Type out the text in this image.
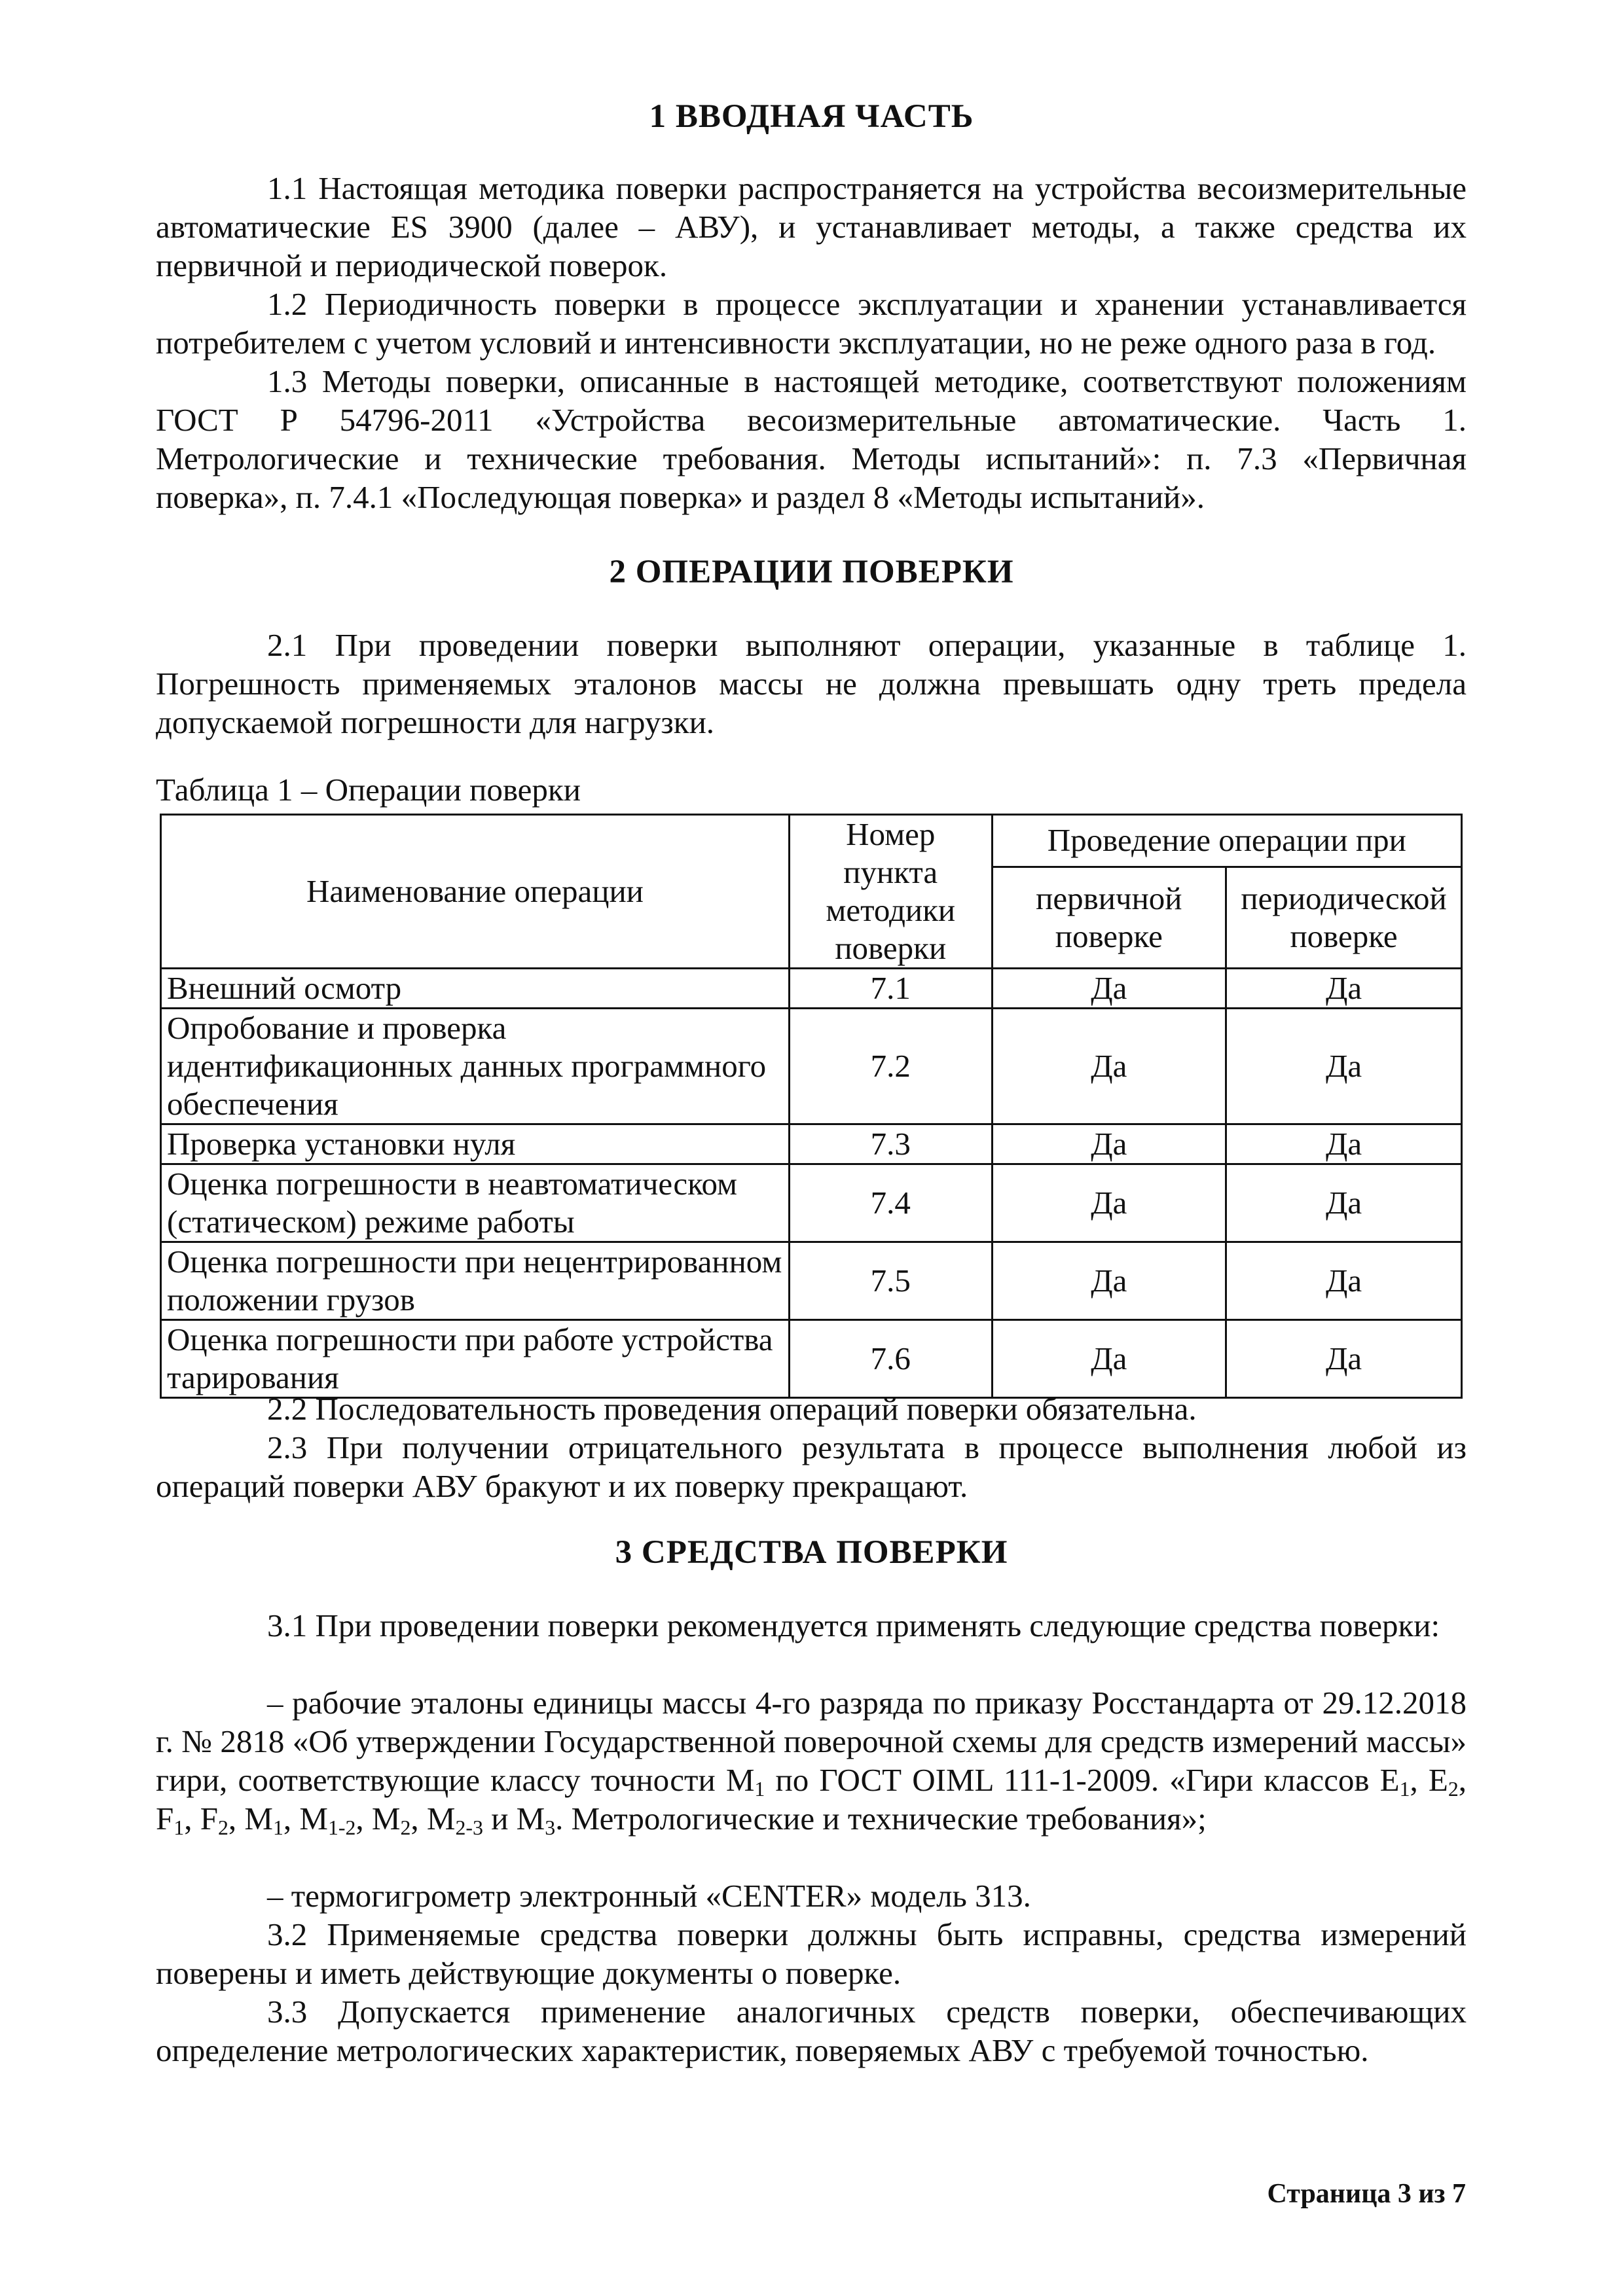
1 ВВОДНАЯ ЧАСТЬ
1.1 Настоящая методика поверки распространяется на устройства весоизмерительные автоматические ES 3900 (далее – АВУ), и устанавливает методы, а также средства их первичной и периодической поверок.
1.2 Периодичность поверки в процессе эксплуатации и хранении устанавливается потребителем с учетом условий и интенсивности эксплуатации, но не реже одного раза в год.
1.3 Методы поверки, описанные в настоящей методике, соответствуют положениям ГОСТ Р 54796-2011 «Устройства весоизмерительные автоматические. Часть 1. Метрологические и технические требования. Методы испытаний»: п. 7.3 «Первичная поверка», п. 7.4.1 «Последующая поверка» и раздел 8 «Методы испытаний».
2 ОПЕРАЦИИ ПОВЕРКИ
2.1 При проведении поверки выполняют операции, указанные в таблице 1. Погрешность применяемых эталонов массы не должна превышать одну треть предела допускаемой погрешности для нагрузки.
Таблица 1 – Операции поверки
Наименование операции	Номер пункта методики поверки	Проведение операции при	
		первичной поверке	периодической поверке
Внешний осмотр	7.1	Да	Да
Опробование и проверка идентификационных данных программного обеспечения	7.2	Да	Да
Проверка установки нуля	7.3	Да	Да
Оценка погрешности в неавтоматическом (статическом) режиме работы	7.4	Да	Да
Оценка погрешности при нецентрированном положении грузов	7.5	Да	Да
Оценка погрешности при работе устройства тарирования	7.6	Да	Да
2.2 Последовательность проведения операций поверки обязательна.
2.3 При получении отрицательного результата в процессе выполнения любой из операций поверки АВУ бракуют и их поверку прекращают.
3 СРЕДСТВА ПОВЕРКИ
3.1 При проведении поверки рекомендуется применять следующие средства поверки:
– рабочие эталоны единицы массы 4-го разряда по приказу Росстандарта от 29.12.2018 г. № 2818 «Об утверждении Государственной поверочной схемы для средств измерений массы» гири, соответствующие классу точности $M_1$ по ГОСТ OIML 111-1-2009. «Гири классов $E_1$, $E_2$, $F_1$, $F_2$, $M_1$, $M_{1-2}$, $M_2$, $M_{2-3}$ и $M_3$. Метрологические и технические требования»;
– термогигрометр электронный «CENTER» модель 313.
3.2 Применяемые средства поверки должны быть исправны, средства измерений поверены и иметь действующие документы о поверке.
3.3 Допускается применение аналогичных средств поверки, обеспечивающих определение метрологических характеристик, поверяемых АВУ с требуемой точностью.
Страница 3 из 7
